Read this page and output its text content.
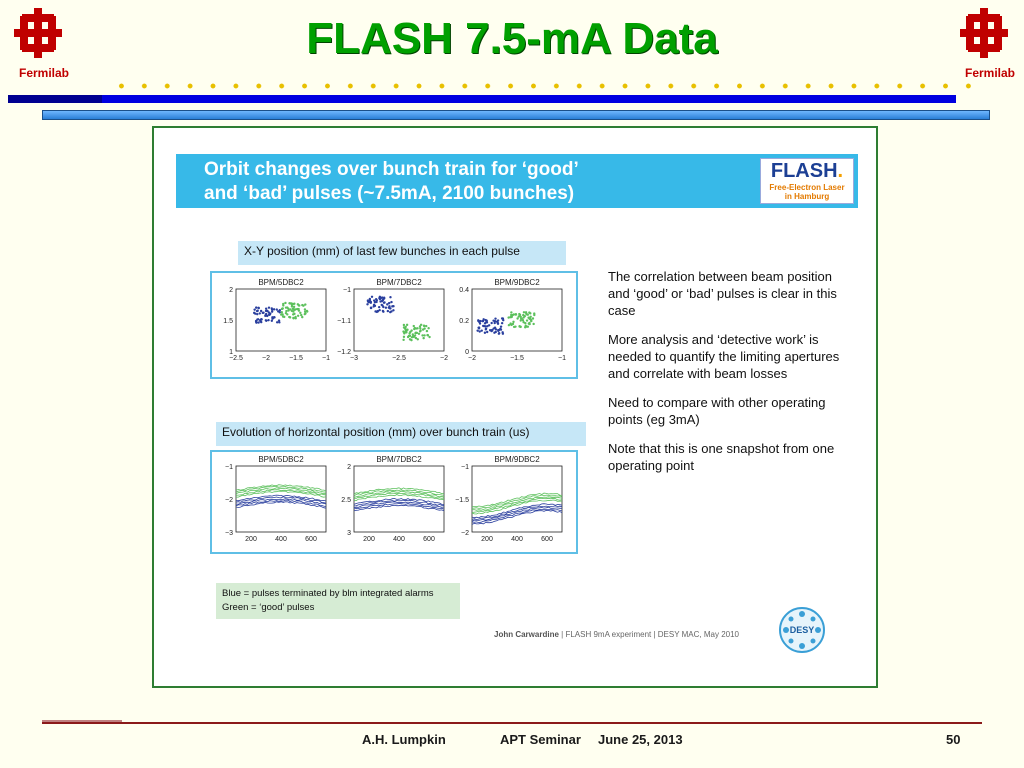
Fermilab	Fermilab
FLASH 7.5-mA Data
Orbit changes over bunch train for ‘good’
and ‘bad’ pulses (~7.5mA, 2100 bunches)
FLASH.
Free-Electron Laser
in Hamburg
X-Y position (mm) of last few bunches in each pulse
BPM/5DBC2
2
1.5
1
−2.5	−2	−1.5	−1
BPM/7DBC2
−1
−1.1
−1.2
−3	−2.5	−2
BPM/9DBC2
0.4
0.2
0
−2	−1.5	−1
Evolution of horizontal position (mm) over bunch train (us)
BPM/5DBC2
−1
−2
−3
200	400	600
BPM/7DBC2
2
2.5
3
200	400	600
BPM/9DBC2
−1
−1.5
−2
200	400	600
The correlation between beam position and ‘good’ or ‘bad’ pulses is clear in this case
More analysis and ‘detective work’ is needed to quantify the limiting apertures and correlate with beam losses
Need to compare with other operating points (eg 3mA)
Note that this is one snapshot from one operating point
Blue = pulses terminated by blm integrated alarms
Green = ‘good’ pulses
John Carwardine | FLASH 9mA experiment | DESY MAC, May 2010	DESY
A.H. Lumpkin	APT Seminar June 25, 2013	50
